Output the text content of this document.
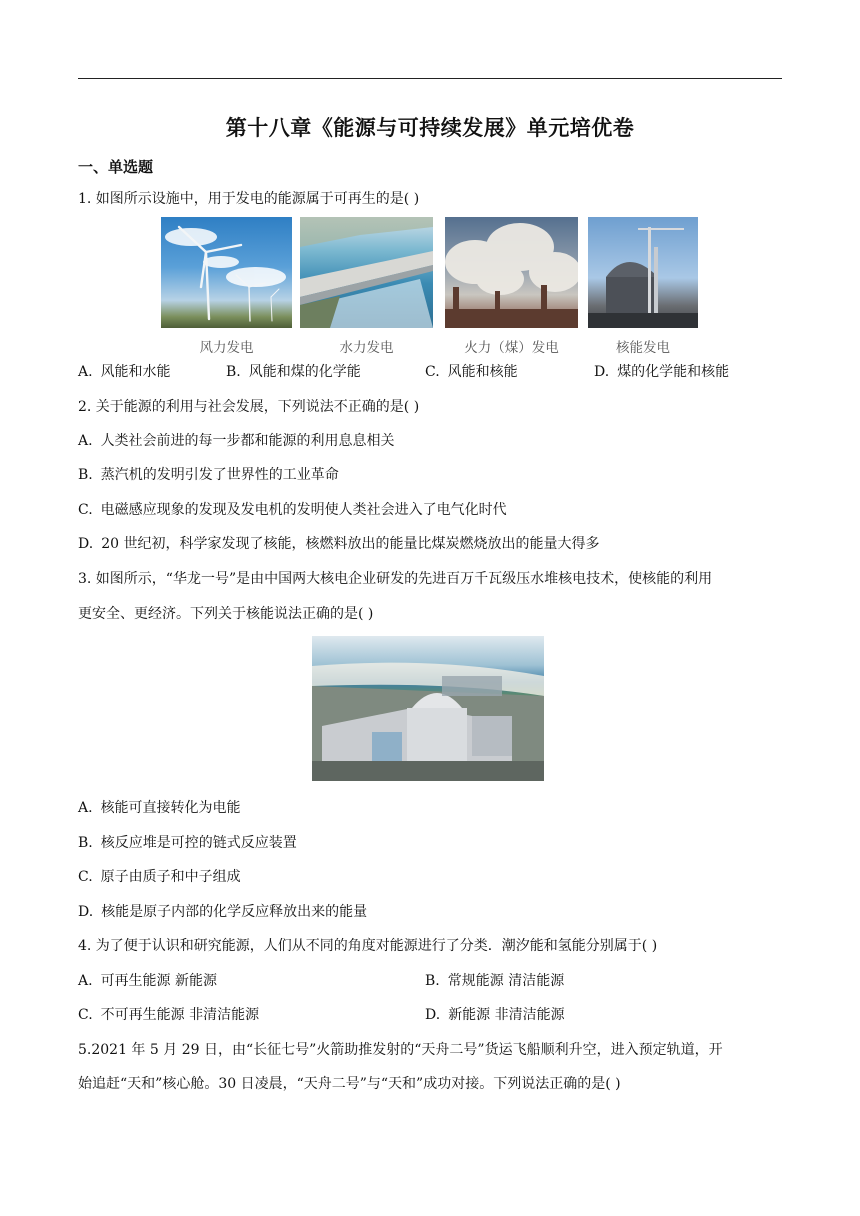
第十八章《能源与可持续发展》单元培优卷
一、单选题
1. 如图所示设施中，用于发电的能源属于可再生的是( )
风力发电	水力发电	火力（煤）发电	核能发电
A. 风能和水能	B. 风能和煤的化学能	C. 风能和核能	D. 煤的化学能和核能
2. 关于能源的利用与社会发展，下列说法不正确的是( )
A. 人类社会前进的每一步都和能源的利用息息相关
B. 蒸汽机的发明引发了世界性的工业革命
C. 电磁感应现象的发现及发电机的发明使人类社会进入了电气化时代
D. 20 世纪初，科学家发现了核能，核燃料放出的能量比煤炭燃烧放出的能量大得多
3. 如图所示，“华龙一号”是由中国两大核电企业研发的先进百万千瓦级压水堆核电技术，使核能的利用
更安全、更经济。下列关于核能说法正确的是( )
A. 核能可直接转化为电能
B. 核反应堆是可控的链式反应装置
C. 原子由质子和中子组成
D. 核能是原子内部的化学反应释放出来的能量
4. 为了便于认识和研究能源，人们从不同的角度对能源进行了分类．潮汐能和氢能分别属于( )
A. 可再生能源 新能源	B. 常规能源 清洁能源
C. 不可再生能源 非清洁能源	D. 新能源 非清洁能源
5.2021 年 5 月 29 日，由“长征七号”火箭助推发射的“天舟二号”货运飞船顺利升空，进入预定轨道，开
始追赶“天和”核心舱。30 日凌晨，“天舟二号”与“天和”成功对接。下列说法正确的是( )
